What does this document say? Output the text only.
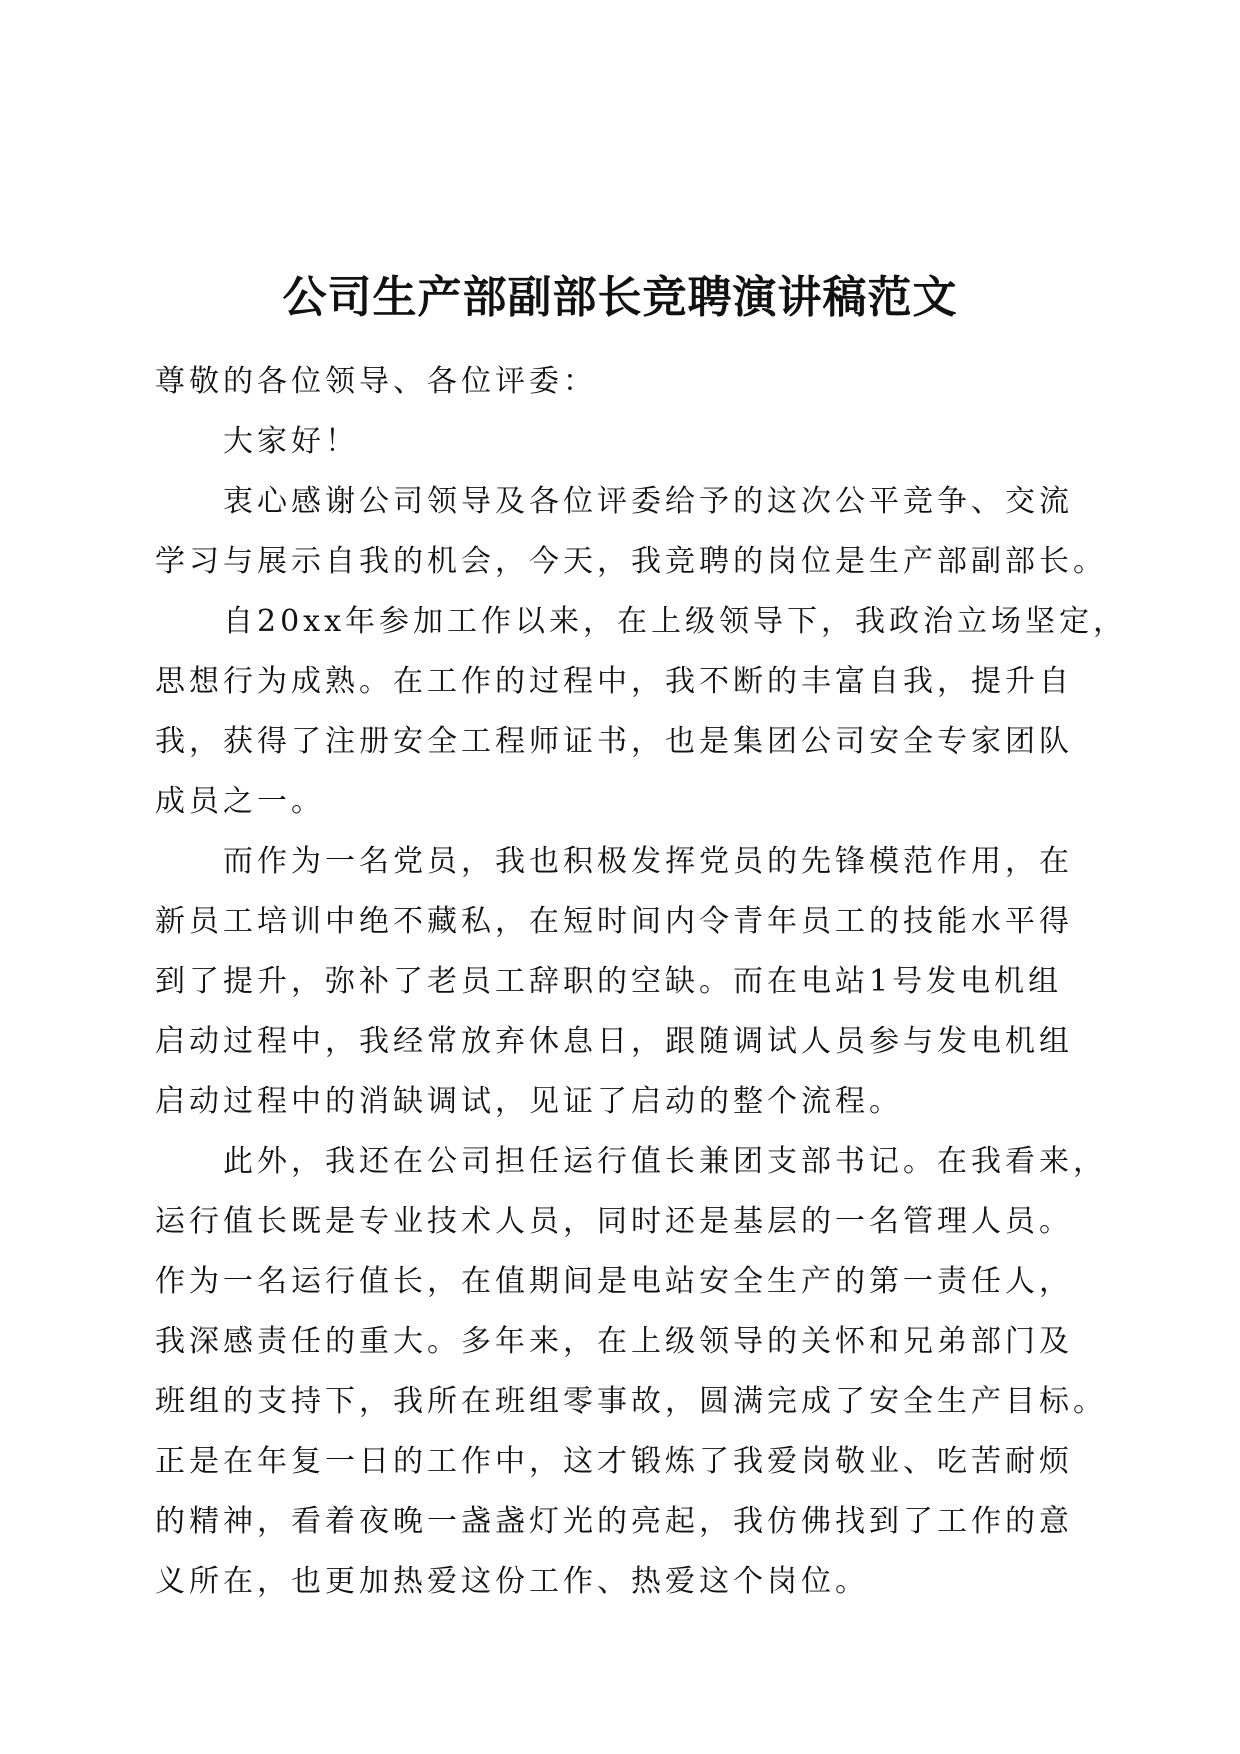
公司生产部副部长竞聘演讲稿范文
尊敬的各位领导、各位评委：
大家好！
衷心感谢公司领导及各位评委给予的这次公平竞争、交流
学习与展示自我的机会，今天，我竞聘的岗位是生产部副部长。
自20xx年参加工作以来，在上级领导下，我政治立场坚定，
思想行为成熟。在工作的过程中，我不断的丰富自我，提升自
我，获得了注册安全工程师证书，也是集团公司安全专家团队
成员之一。
而作为一名党员，我也积极发挥党员的先锋模范作用，在
新员工培训中绝不藏私，在短时间内令青年员工的技能水平得
到了提升，弥补了老员工辞职的空缺。而在电站1号发电机组
启动过程中，我经常放弃休息日，跟随调试人员参与发电机组
启动过程中的消缺调试，见证了启动的整个流程。
此外，我还在公司担任运行值长兼团支部书记。在我看来，
运行值长既是专业技术人员，同时还是基层的一名管理人员。
作为一名运行值长，在值期间是电站安全生产的第一责任人，
我深感责任的重大。多年来，在上级领导的关怀和兄弟部门及
班组的支持下，我所在班组零事故，圆满完成了安全生产目标。
正是在年复一日的工作中，这才锻炼了我爱岗敬业、吃苦耐烦
的精神，看着夜晚一盏盏灯光的亮起，我仿佛找到了工作的意
义所在，也更加热爱这份工作、热爱这个岗位。
